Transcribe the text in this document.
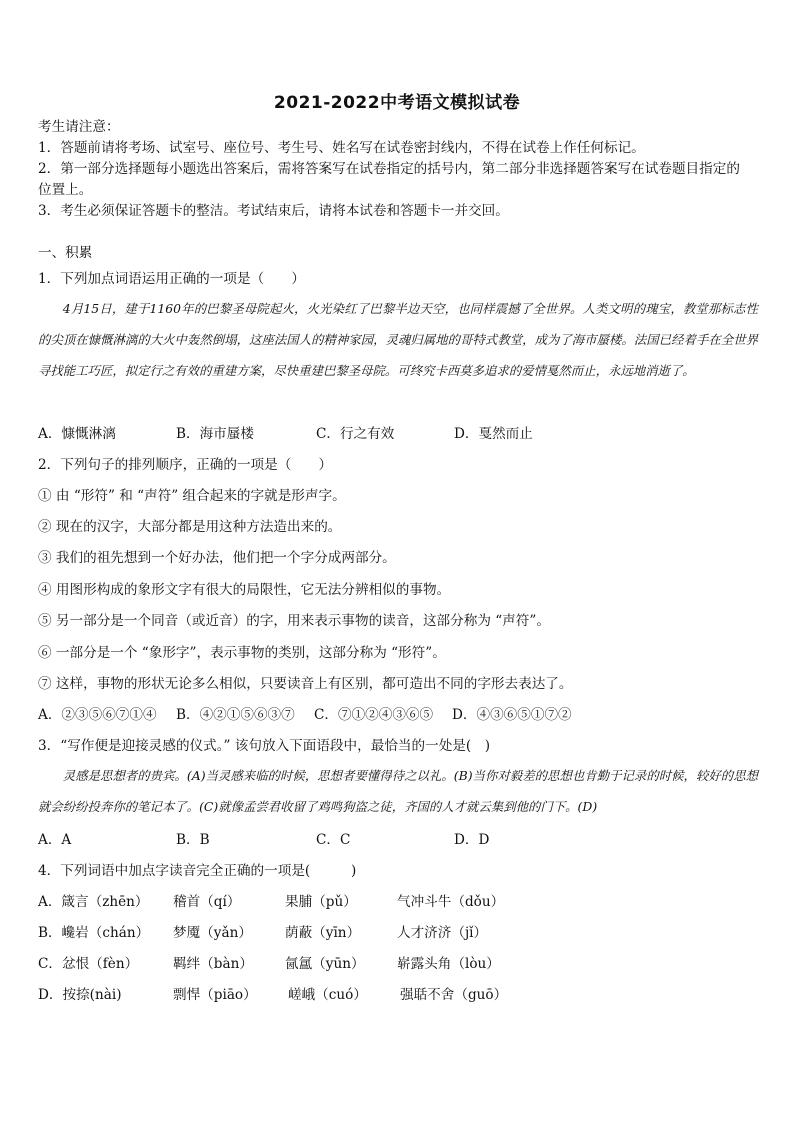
2021-2022中考语文模拟试卷
考生请注意：
1．答题前请将考场、试室号、座位号、考生号、姓名写在试卷密封线内，不得在试卷上作任何标记。
2．第一部分选择题每小题选出答案后，需将答案写在试卷指定的括号内，第二部分非选择题答案写在试卷题目指定的
位置上。
3．考生必须保证答题卡的整洁。考试结束后，请将本试卷和答题卡一并交回。
一、积累
1．下列加点词语运用正确的一项是（　　）
4月15日，建于1160年的巴黎圣母院起火，火光染红了巴黎半边天空，也同样震撼了全世界。人类文明的瑰宝，教堂那标志性的尖顶在慷慨淋漓的大火中轰然倒塌，这座法国人的精神家园，灵魂归属地的哥特式教堂，成为了海市蜃楼。法国已经着手在全世界寻找能工巧匠，拟定行之有效的重建方案，尽快重建巴黎圣母院。可终究卡西莫多追求的爱情戛然而止，永远地消逝了。
A．慷慨淋漓	B．海市蜃楼	C．行之有效	D．戛然而止
2．下列句子的排列顺序，正确的一项是（　　）
① 由 “形符” 和 “声符” 组合起来的字就是形声字。
② 现在的汉字，大部分都是用这种方法造出来的。
③ 我们的祖先想到一个好办法，他们把一个字分成两部分。
④ 用图形构成的象形文字有很大的局限性，它无法分辨相似的事物。
⑤ 另一部分是一个同音（或近音）的字，用来表示事物的读音，这部分称为 “声符”。
⑥ 一部分是一个 “象形字”，表示事物的类别，这部分称为 “形符”。
⑦ 这样，事物的形状无论多么相似，只要读音上有区别，都可造出不同的字形去表达了。
A．②③⑤⑥⑦①④ B．④②①⑤⑥③⑦ C．⑦①②④③⑥⑤ D．④③⑥⑤①⑦②
3．“写作便是迎接灵感的仪式。” 该句放入下面语段中，最恰当的一处是(　)
灵感是思想者的贵宾。(A)当灵感来临的时候，思想者要懂得待之以礼。(B)当你对毅差的思想也肯勤于记录的时候，较好的思想就会纷纷投奔你的笔记本了。(C)就像孟尝君收留了鸡鸣狗盗之徒，齐国的人才就云集到他的门下。(D)
A．A	B．B	C．C	D．D
4．下列词语中加点字读音完全正确的一项是(　　　)
A．箴言（zhēn） 稽首（qí）	果脯（pǔ）	气冲斗牛（dǒu）
B．巉岩（chán） 梦魇（yǎn） 荫蔽（yīn）	人才济济（jǐ）
C．忿恨（fèn）	羁绊（bàn） 氤氲（yūn） 崭露头角（lòu）
D．按捺(nài)	剽悍（piāo） 嵯峨（cuó） 强聒不舍（guō）
